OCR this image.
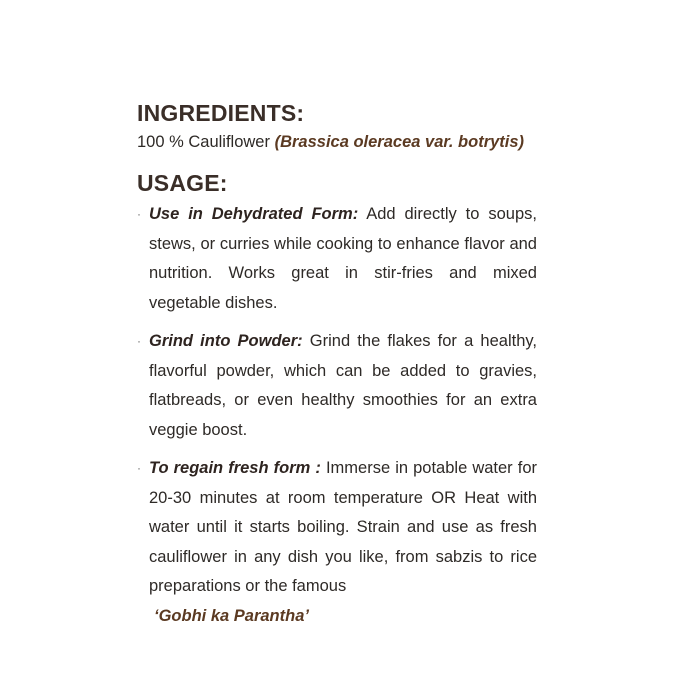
INGREDIENTS:

100 % Cauliflower (Brassica oleracea var. botrytis)

USAGE:
· Use in Dehydrated Form: Add directly to soups, stews, or curries while cooking to enhance flavor and nutrition. Works great in stir-fries and mixed vegetable dishes.
· Grind into Powder: Grind the flakes for a healthy, flavorful powder, which can be added to gravies, flatbreads, or even healthy smoothies for an extra veggie boost.
· To regain fresh form : Immerse in potable water for 20-30 minutes at room temperature OR Heat with water until it starts boiling. Strain and use as fresh cauliflower in any dish you like, from sabzis to rice preparations or the famous
‘Gobhi ka Parantha’
